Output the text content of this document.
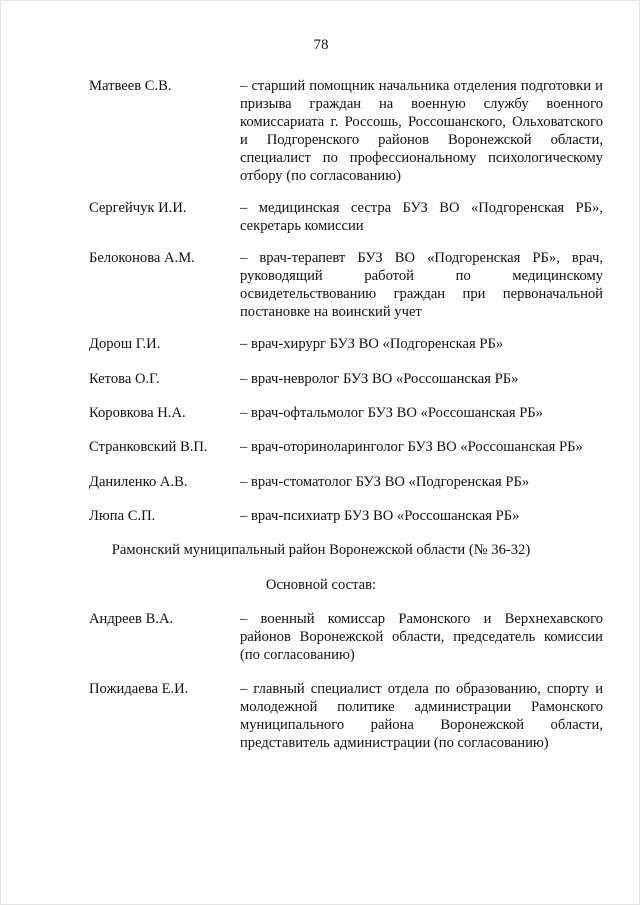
78
Матвеев С.В.	– старший помощник начальника отделения подготовки и призыва граждан на военную службу военного комиссариата г. Россошь, Россошанского, Ольховатского и Подгоренского районов Воронежской области, специалист по профессиональному психологическому отбору (по согласованию)
Сергейчук И.И.	– медицинская сестра БУЗ ВО «Подгоренская РБ», секретарь комиссии
Белоконова А.М.	– врач-терапевт БУЗ ВО «Подгоренская РБ», врач, руководящий работой по медицинскому освидетельствованию граждан при первоначальной постановке на воинский учет
Дорош Г.И.	– врач-хирург БУЗ ВО «Подгоренская РБ»
Кетова О.Г.	– врач-невролог БУЗ ВО «Россошанская РБ»
Коровкова Н.А.	– врач-офтальмолог БУЗ ВО «Россошанская РБ»
Странковский В.П. – врач-оториноларинголог БУЗ ВО «Россошанская РБ»
Даниленко А.В.	– врач-стоматолог БУЗ ВО «Подгоренская РБ»
Люпа С.П.	– врач-психиатр БУЗ ВО «Россошанская РБ»
Рамонский муниципальный район Воронежской области (№ 36-32)
Основной состав:
Андреев В.А.	– военный комиссар Рамонского и Верхнехавского районов Воронежской области, председатель комиссии (по согласованию)
Пожидаева Е.И.	– главный специалист отдела по образованию, спорту и молодежной политике администрации Рамонского муниципального района Воронежской области, представитель администрации (по согласованию)
